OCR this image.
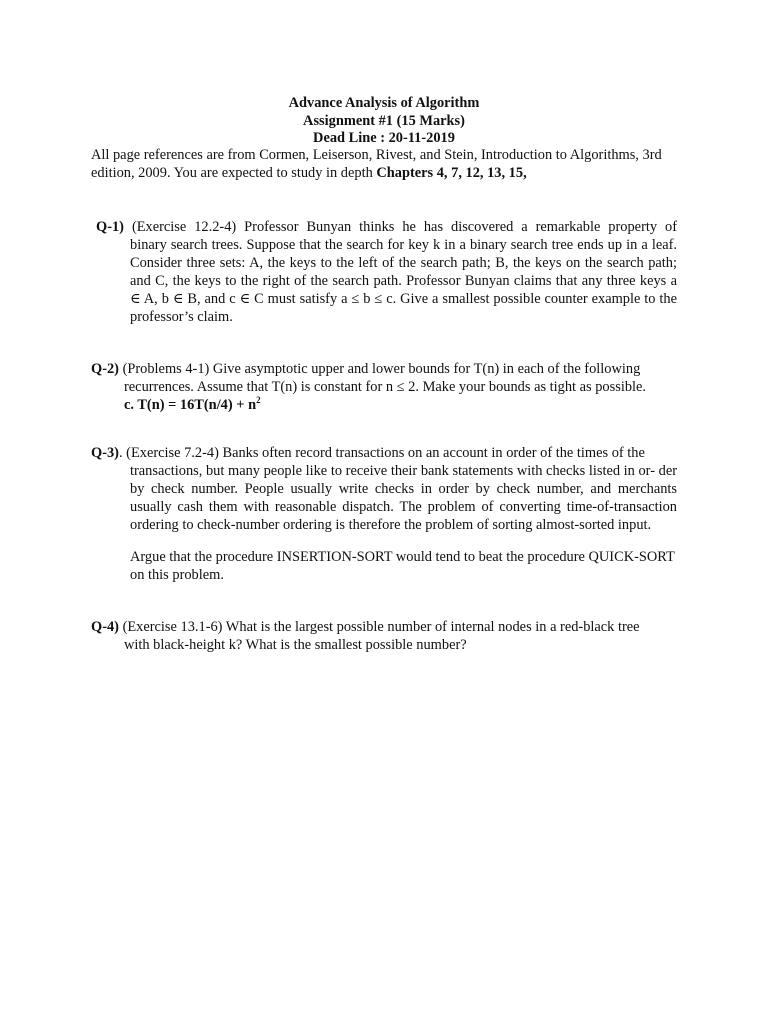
Advance Analysis of Algorithm
Assignment #1 (15 Marks)
Dead Line : 20-11-2019
All page references are from Cormen, Leiserson, Rivest, and Stein, Introduction to Algorithms, 3rd edition, 2009. You are expected to study in depth Chapters 4, 7, 12, 13, 15,
Q-1) (Exercise 12.2-4) Professor Bunyan thinks he has discovered a remarkable property of
binary search trees. Suppose that the search for key k in a binary search tree ends up in a leaf. Consider three sets: A, the keys to the left of the search path; B, the keys on the search path; and C, the keys to the right of the search path. Professor Bunyan claims that any three keys a ∈ A, b ∈ B, and c ∈ C must satisfy a ≤ b ≤ c. Give a smallest possible counter example to the professor’s claim.
Q-2) (Problems 4-1) Give asymptotic upper and lower bounds for T(n) in each of the following
recurrences. Assume that T(n) is constant for n ≤ 2. Make your bounds as tight as possible.
c. $T(n) = 16T(n/4) + n^2$
Q-3). (Exercise 7.2-4) Banks often record transactions on an account in order of the times of the
transactions, but many people like to receive their bank statements with checks listed in or- der by check number. People usually write checks in order by check number, and merchants usually cash them with reasonable dispatch. The problem of converting time-of-transaction ordering to check-number ordering is therefore the problem of sorting almost-sorted input.
Argue that the procedure INSERTION-SORT would tend to beat the procedure QUICK-SORT on this problem.
Q-4) (Exercise 13.1-6) What is the largest possible number of internal nodes in a red-black tree
with black-height k? What is the smallest possible number?
